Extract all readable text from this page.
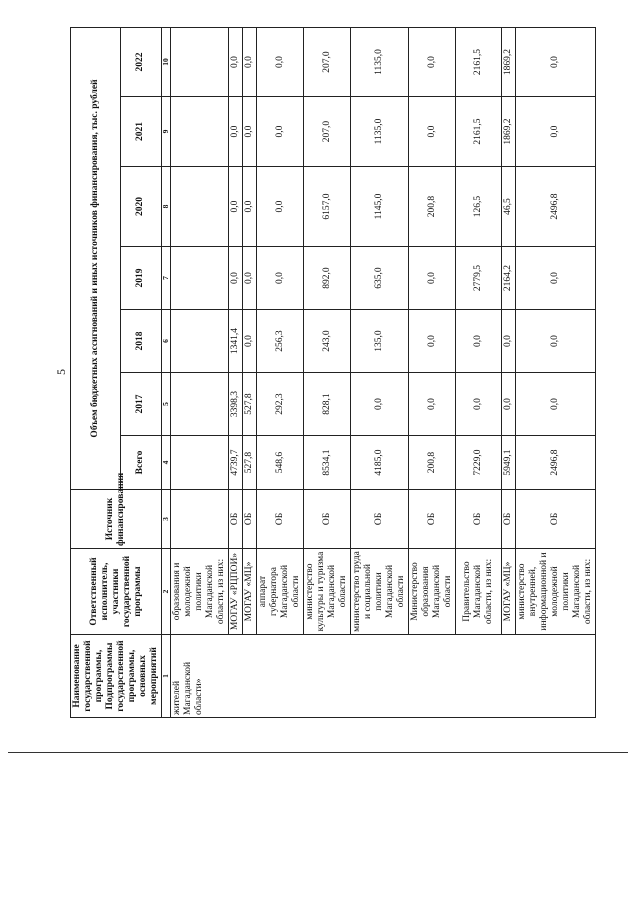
5
Наименование государственной программы, Подпрограммы государственной программы, основных мероприятий	Ответственный исполнитель, участники государственной программы	Источник финансирования	Объем бюджетных ассигнований и иных источников финансирования, тыс. рублей						
			Всего	2017	2018	2019	2020	2021	2022
1	2	3	4	5	6	7	8	9	10
жителей Магаданской области»	образования и молодежной политики Магаданской области, из них:								
	МОГАУ «РЦПОИ»	ОБ	4739,7	3398,3	1341,4	0,0	0,0	0,0	0,0
	МОГАУ «МЦ»	ОБ	527,8	527,8	0,0	0,0	0,0	0,0	0,0
	аппарат губернатора Магаданской области	ОБ	548,6	292,3	256,3	0,0	0,0	0,0	0,0
	министерство культуры и туризма Магаданской области	ОБ	8534,1	828,1	243,0	892,0	6157,0	207,0	207,0
	министерство труда и социальной политики Магаданской области	ОБ	4185,0	0,0	135,0	635,0	1145,0	1135,0	1135,0
	Министерство образования Магаданской области	ОБ	200,8	0,0	0,0	0,0	200,8	0,0	0,0
	Правительство Магаданской области, из них:	ОБ	7229,0	0,0	0,0	2779,5	126,5	2161,5	2161,5
	МОГАУ «МЦ»	ОБ	5949,1	0,0	0,0	2164,2	46,5	1869,2	1869,2
	министерство внутренней, информационной и молодежной политики Магаданской области, из них:	ОБ	2496,8	0,0	0,0	0,0	2496,8	0,0	0,0
